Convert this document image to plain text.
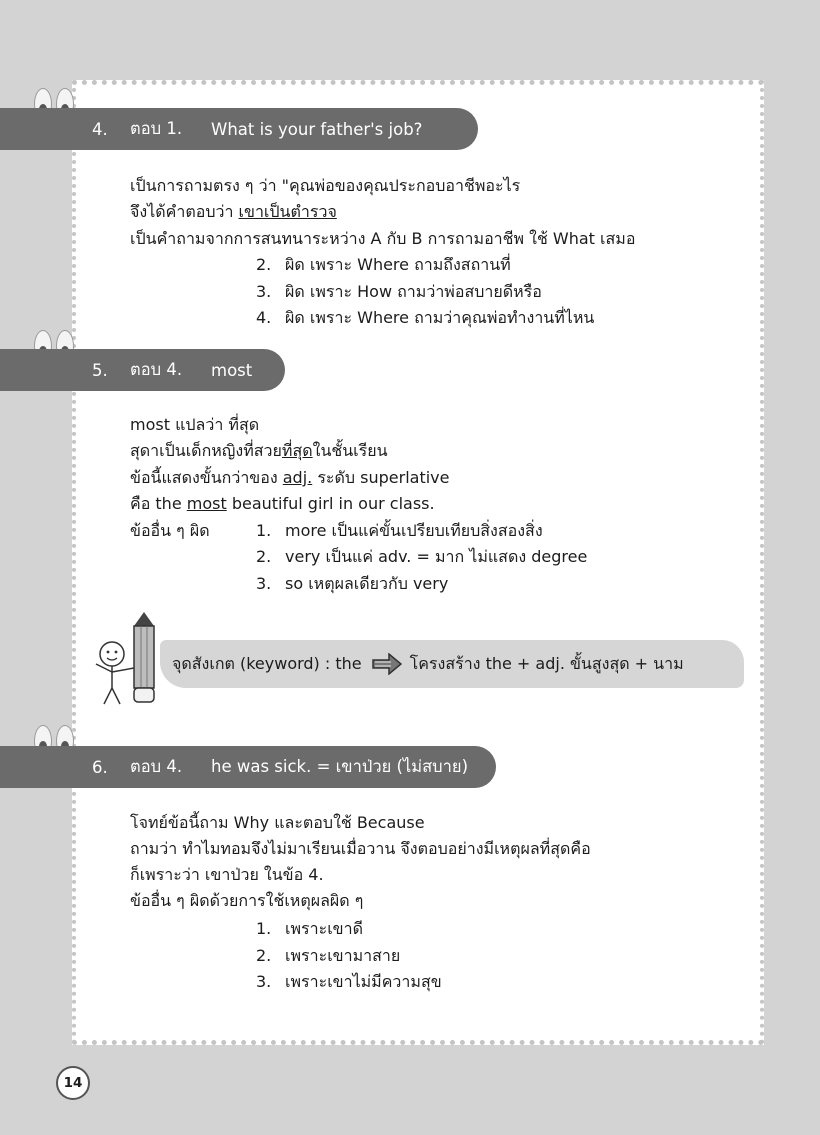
4. ตอบ 1. What is your father's job?
เป็นการถามตรง ๆ ว่า "คุณพ่อของคุณประกอบอาชีพอะไร
จึงได้คำตอบว่า เขาเป็นตำรวจ
เป็นคำถามจากการสนทนาระหว่าง A กับ B การถามอาชีพ ใช้ What เสมอ
2. ผิด เพราะ Where ถามถึงสถานที่
3. ผิด เพราะ How ถามว่าพ่อสบายดีหรือ
4. ผิด เพราะ Where ถามว่าคุณพ่อทำงานที่ไหน
5. ตอบ 4. most
most แปลว่า ที่สุด
สุดาเป็นเด็กหญิงที่สวยที่สุดในชั้นเรียน
ข้อนี้แสดงขั้นกว่าของ adj. ระดับ superlative
คือ the most beautiful girl in our class.
ข้ออื่น ๆ ผิด	1. more เป็นแค่ขั้นเปรียบเทียบสิ่งสองสิ่ง
2. very เป็นแค่ adv. = มาก ไม่แสดง degree
3. so เหตุผลเดียวกับ very
จุดสังเกต (keyword) : the	โครงสร้าง the + adj. ขั้นสูงสุด + นาม
6. ตอบ 4. he was sick. = เขาป่วย (ไม่สบาย)
โจทย์ข้อนี้ถาม Why และตอบใช้ Because
ถามว่า ทำไมทอมจึงไม่มาเรียนเมื่อวาน จึงตอบอย่างมีเหตุผลที่สุดคือ
ก็เพราะว่า เขาป่วย ในข้อ 4.
ข้ออื่น ๆ ผิดด้วยการใช้เหตุผลผิด ๆ
1. เพราะเขาดี
2. เพราะเขามาสาย
3. เพราะเขาไม่มีความสุข
14
